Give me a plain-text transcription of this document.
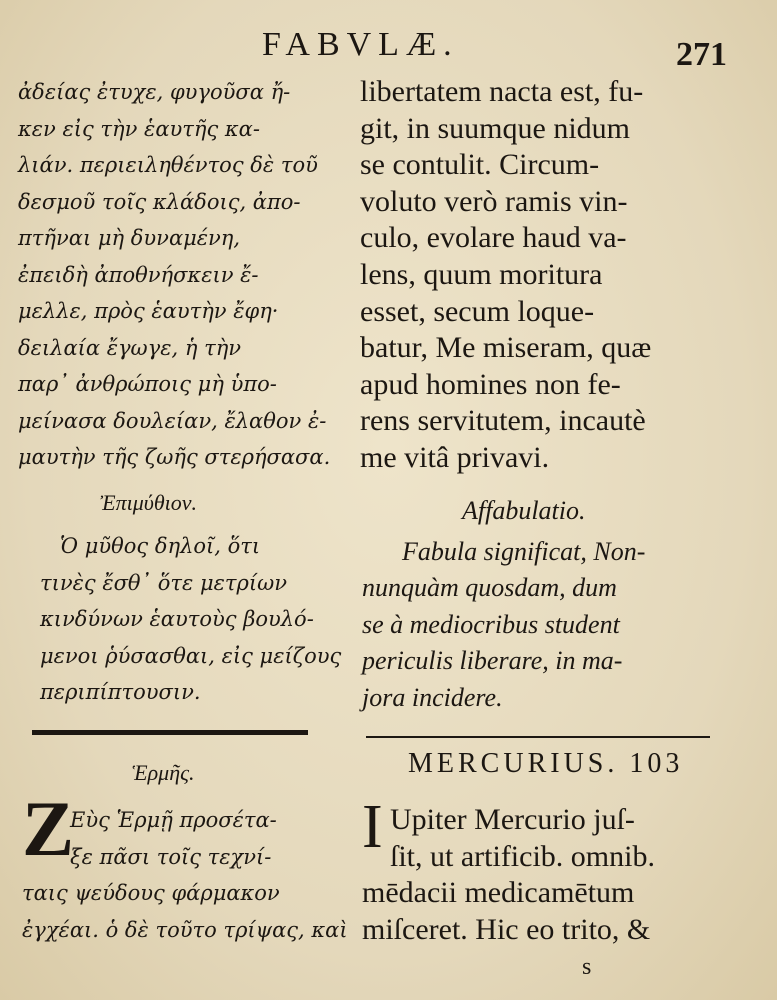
FABVLÆ.	271
ἀδείας ἐτυχε, φυγοῦσα ἤ-
κεν εἰς τὴν ἑαυτῆς κα-
λιάν. περιειληθέντος δὲ τοῦ
δεσμοῦ τοῖς κλάδοις, ἀπο-
πτῆναι μὴ δυναμένη,
ἐπειδὴ ἀποθνήσκειν ἔ-
μελλε, πρὸς ἑαυτὴν ἔφη·
δειλαία ἔγωγε, ἡ τὴν
παρ᾿ ἀνθρώποις μὴ ὑπο-
μείνασα δουλείαν, ἔλαθον ἐ-
μαυτὴν τῆς ζωῆς στερήσασα.
Ἐπιμύθιον.
Ὁ μῦθος δηλοῖ, ὅτι
τινὲς ἔσθ᾿ ὅτε μετρίων
κινδύνων ἑαυτοὺς βουλό-
μενοι ῥύσασθαι, εἰς μείζους
περιπίπτουσιν.
Ἑρμῆς.
Z
Εὺς Ἑρμῇ προσέτα-
ξε πᾶσι τοῖς τεχνί-
ταις ψεύδους φάρμακον
ἐγχέαι. ὁ δὲ τοῦτο τρίψας, καὶ
libertatem nacta est, fu-
git, in suumque nidum
se contulit. Circum-
voluto verò ramis vin-
culo, evolare haud va-
lens, quum moritura
esset, secum loque-
batur, Me miseram, quæ
apud homines non fe-
rens servitutem, incautè
me vitâ privavi.
Affabulatio.
Fabula significat, Non-
nunquàm quosdam, dum
se à mediocribus student
periculis liberare, in ma-
jora incidere.
MERCURIUS. 103
I Upiter Mercurio juſ-
ſit, ut artificib. omnib.
mēdacii medicamētum
miſceret. Hic eo trito, &
s
